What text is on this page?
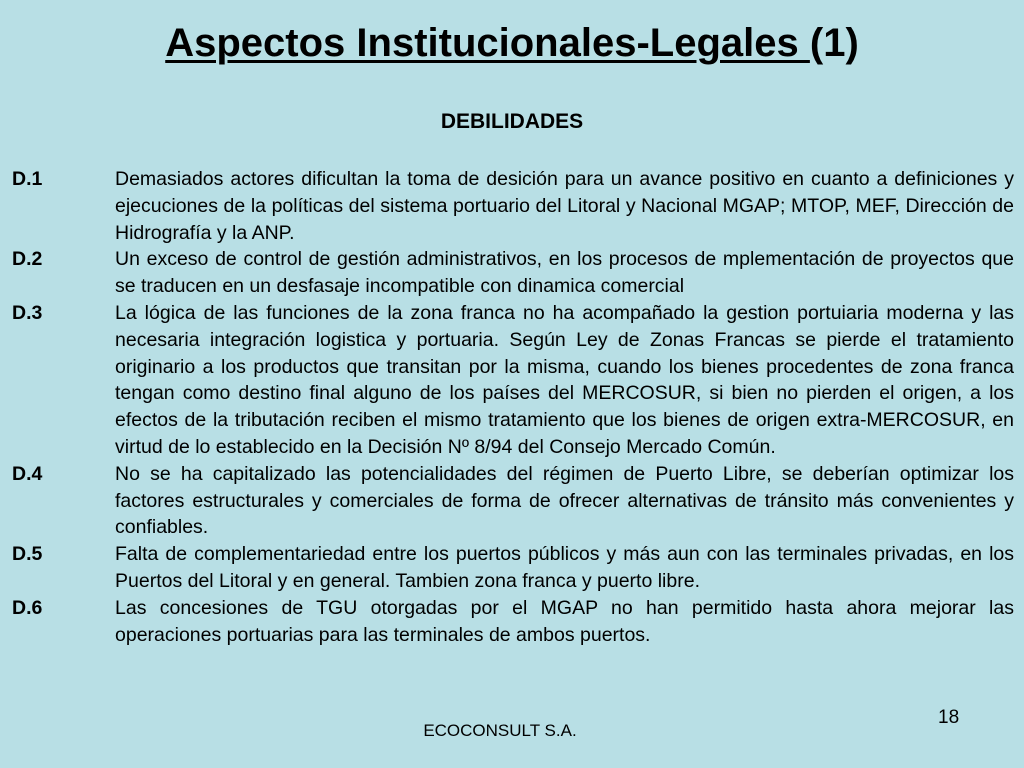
Aspectos Institucionales-Legales (1)
DEBILIDADES
D.1	Demasiados actores dificultan la toma de desición para un avance positivo en cuanto a definiciones y ejecuciones de la políticas del sistema portuario del Litoral y Nacional MGAP; MTOP, MEF, Dirección de Hidrografía y la ANP.
D.2	Un exceso de control de gestión administrativos, en los procesos de mplementación de proyectos que se traducen en un desfasaje incompatible con dinamica comercial
D.3	La lógica de las funciones de la zona franca no ha acompañado la gestion portuiaria moderna y las necesaria integración logistica y portuaria. Según Ley de Zonas Francas se pierde el tratamiento originario a los productos que transitan por la misma, cuando los bienes procedentes de zona franca tengan como destino final alguno de los países del MERCOSUR, si bien no pierden el origen, a los efectos de la tributación reciben el mismo tratamiento que los bienes de origen extra-MERCOSUR, en virtud de lo establecido en la Decisión Nº 8/94 del Consejo Mercado Común.
D.4	No se ha capitalizado las potencialidades del régimen de Puerto Libre, se deberían optimizar los factores estructurales y comerciales de forma de ofrecer alternativas de tránsito más convenientes y confiables.
D.5	Falta de complementariedad entre los puertos públicos y más aun con las terminales privadas, en los Puertos del Litoral y en general. Tambien zona franca y puerto libre.
D.6	Las concesiones de TGU otorgadas por el MGAP no han permitido hasta ahora mejorar las operaciones portuarias para las terminales de ambos puertos.
18
ECOCONSULT S.A.
